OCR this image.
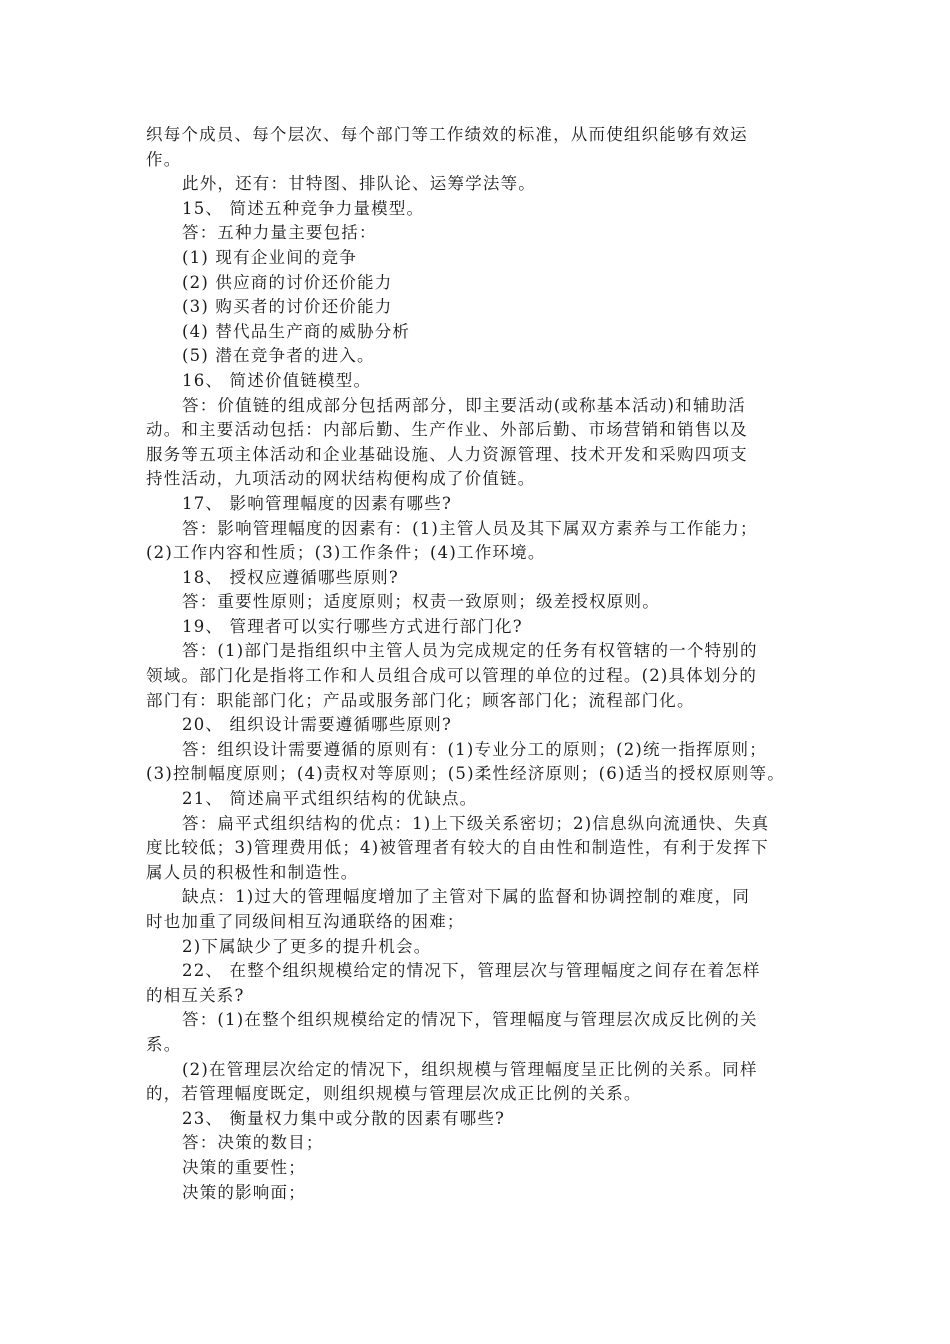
织每个成员、每个层次、每个部门等工作绩效的标准，从而使组织能够有效运

作。

此外，还有：甘特图、排队论、运筹学法等。

15、 简述五种竞争力量模型。

答：五种力量主要包括：

(1) 现有企业间的竞争

(2) 供应商的讨价还价能力

(3) 购买者的讨价还价能力

(4) 替代品生产商的威胁分析

(5) 潜在竞争者的进入。

16、 简述价值链模型。

答：价值链的组成部分包括两部分，即主要活动(或称基本活动)和辅助活

动。和主要活动包括：内部后勤、生产作业、外部后勤、市场营销和销售以及

服务等五项主体活动和企业基础设施、人力资源管理、技术开发和采购四项支

持性活动，九项活动的网状结构便构成了价值链。

17、 影响管理幅度的因素有哪些?

答：影响管理幅度的因素有：(1)主管人员及其下属双方素养与工作能力；

(2)工作内容和性质；(3)工作条件；(4)工作环境。

18、 授权应遵循哪些原则?

答：重要性原则；适度原则；权责一致原则；级差授权原则。

19、 管理者可以实行哪些方式进行部门化?

答：(1)部门是指组织中主管人员为完成规定的任务有权管辖的一个特别的

领域。部门化是指将工作和人员组合成可以管理的单位的过程。(2)具体划分的

部门有：职能部门化；产品或服务部门化；顾客部门化；流程部门化。

20、 组织设计需要遵循哪些原则?

答：组织设计需要遵循的原则有：(1)专业分工的原则；(2)统一指挥原则；

(3)控制幅度原则；(4)责权对等原则；(5)柔性经济原则；(6)适当的授权原则等。

21、 简述扁平式组织结构的优缺点。

答：扁平式组织结构的优点：1)上下级关系密切；2)信息纵向流通快、失真

度比较低；3)管理费用低；4)被管理者有较大的自由性和制造性，有利于发挥下

属人员的积极性和制造性。

缺点：1)过大的管理幅度增加了主管对下属的监督和协调控制的难度，同

时也加重了同级间相互沟通联络的困难；

2)下属缺少了更多的提升机会。

22、 在整个组织规模给定的情况下，管理层次与管理幅度之间存在着怎样

的相互关系?

答：(1)在整个组织规模给定的情况下，管理幅度与管理层次成反比例的关

系。

(2)在管理层次给定的情况下，组织规模与管理幅度呈正比例的关系。同样

的，若管理幅度既定，则组织规模与管理层次成正比例的关系。

23、 衡量权力集中或分散的因素有哪些?

答：决策的数目；

决策的重要性；

决策的影响面；
